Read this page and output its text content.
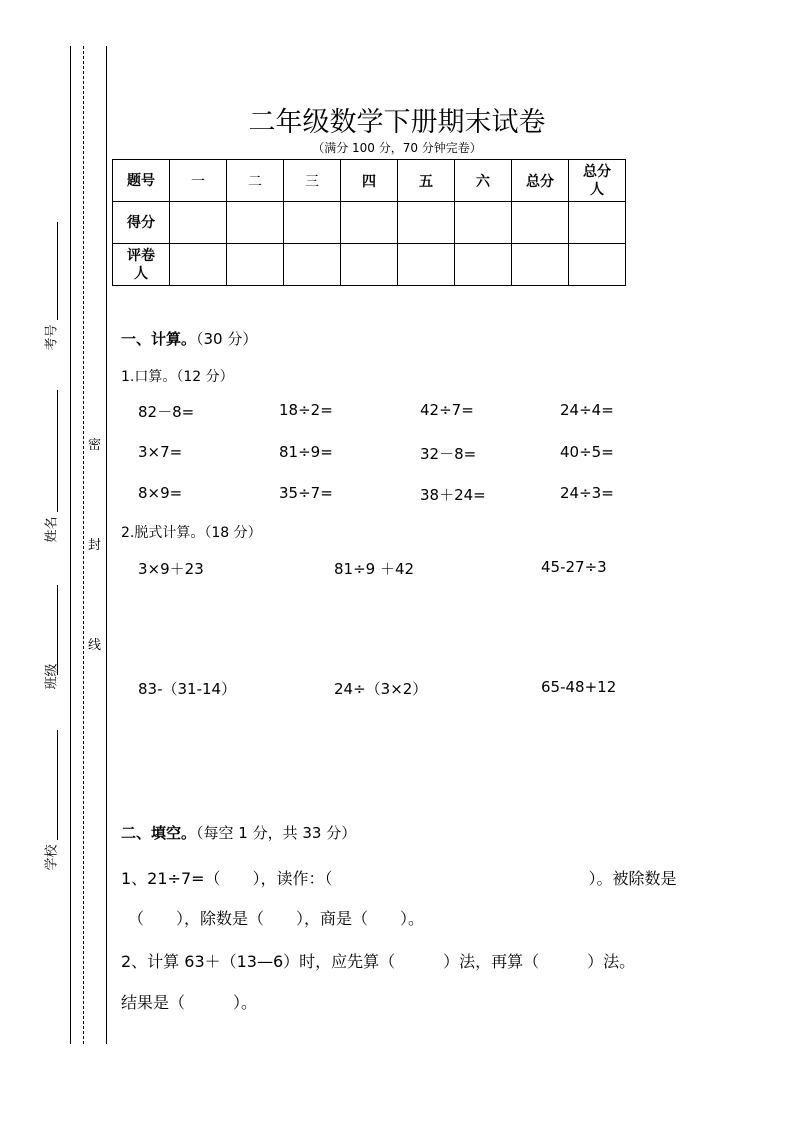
考号
姓名
班级
学校
密
封
线
二年级数学下册期末试卷
（满分 100 分，70 分钟完卷）
题号	一	二	三	四	五	六	总分	总分人
得分								
评卷人								
一、计算。（30 分）
1.口算。（12 分）
82－8=	18÷2=	42÷7=	24÷4=
3×7=	81÷9=	32－8=	40÷5=
8×9=	35÷7=	38＋24=	24÷3=
2.脱式计算。（18 分）
3×9＋23	81÷9 ＋42	45-27÷3
83-（31-14）	24÷（3×2）	65-48+12
二、填空。（每空 1 分，共 33 分）
1、21÷7=（　　），读作：（　　　　　　　　　　　　　　　　）。被除数是
（　　），除数是（　　），商是（　　）。
2、计算 63＋（13—6）时，应先算（　　　）法，再算（　　　）法。
结果是（　　　）。
